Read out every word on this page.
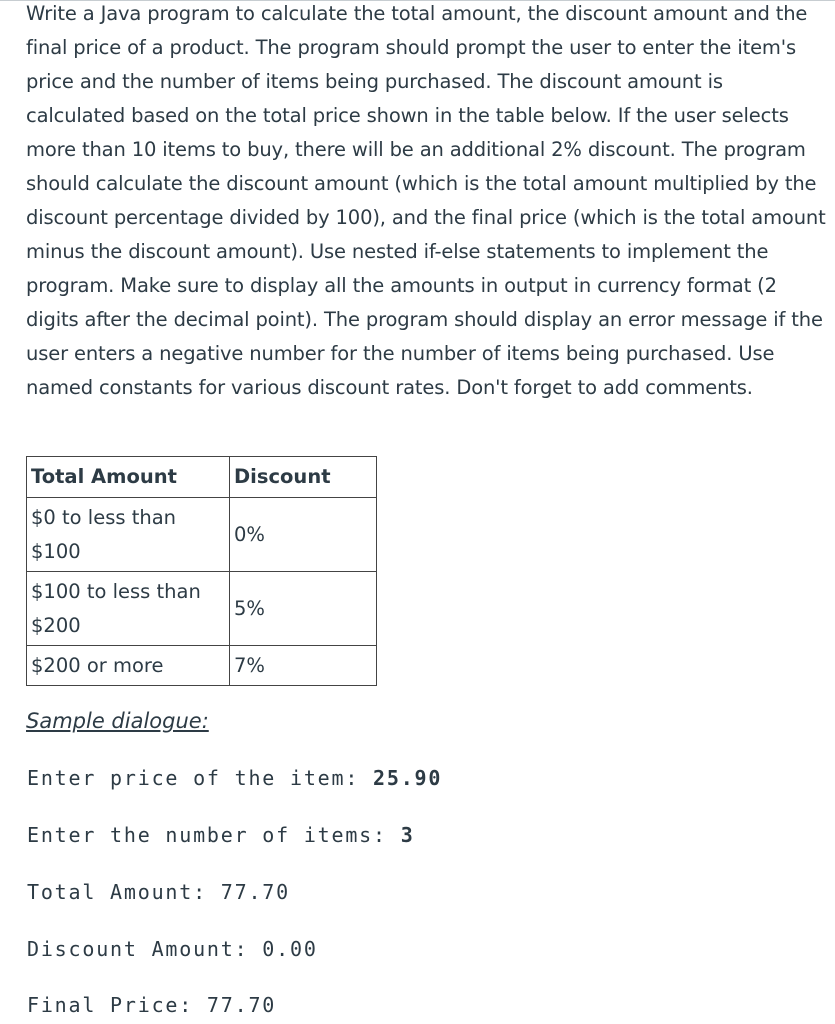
Write a Java program to calculate the total amount, the discount amount and the final price of a product. The program should prompt the user to enter the item's price and the number of items being purchased. The discount amount is calculated based on the total price shown in the table below. If the user selects more than 10 items to buy, there will be an additional 2% discount. The program should calculate the discount amount (which is the total amount multiplied by the discount percentage divided by 100), and the final price (which is the total amount minus the discount amount). Use nested if-else statements to implement the program. Make sure to display all the amounts in output in currency format (2 digits after the decimal point). The program should display an error message if the user enters a negative number for the number of items being purchased. Use named constants for various discount rates. Don't forget to add comments.
Total Amount	Discount
$0 to less than $100	0%
$100 to less than $200	5%
$200 or more	7%
Sample dialogue:
Enter price of the item: 25.90
Enter the number of items: 3
Total Amount: 77.70
Discount Amount: 0.00
Final Price: 77.70
